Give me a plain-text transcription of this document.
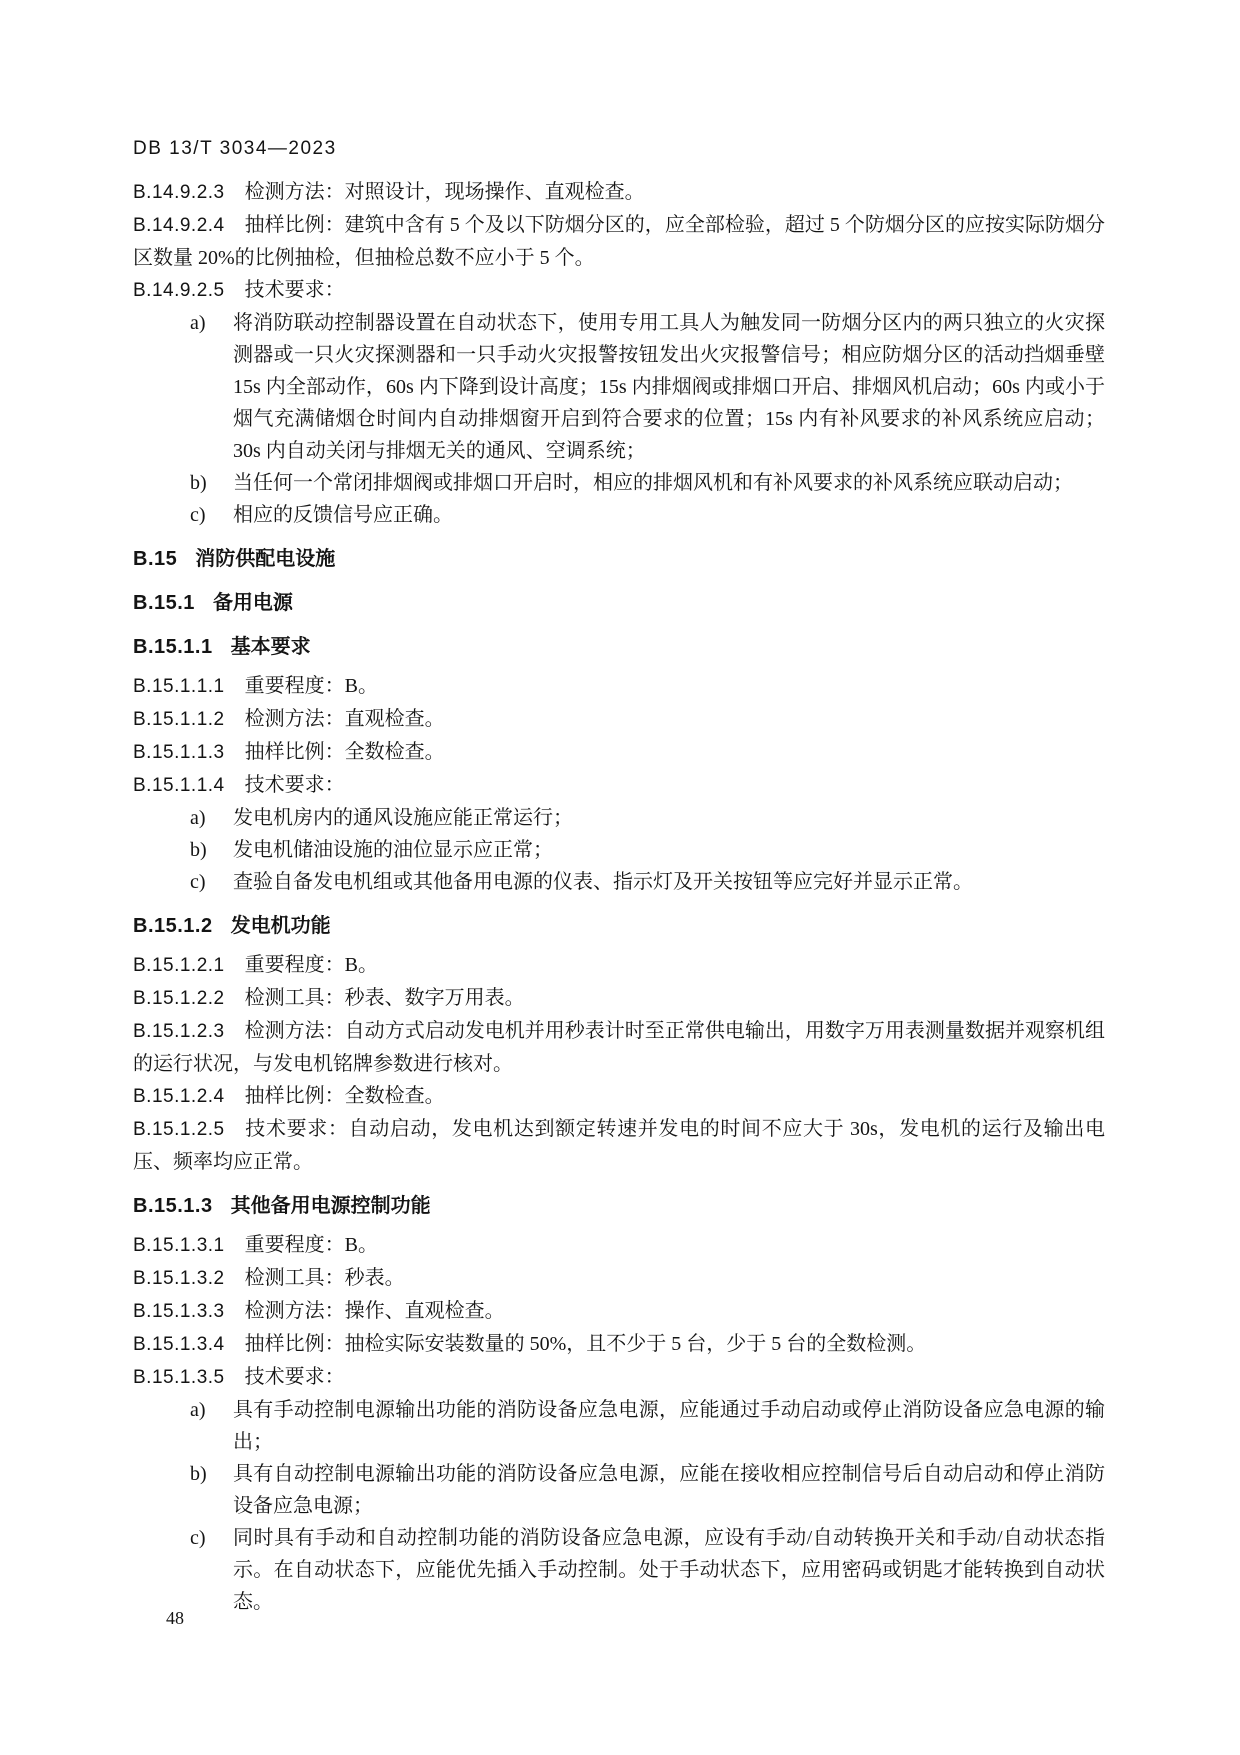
DB 13/T 3034—2023

B.14.9.2.3 检测方法：对照设计，现场操作、直观检查。

B.14.9.2.4 抽样比例：建筑中含有 5 个及以下防烟分区的，应全部检验，超过 5 个防烟分区的应按实际防烟分区数量 20%的比例抽检，但抽检总数不应小于 5 个。

B.14.9.2.5 技术要求：

a)	将消防联动控制器设置在自动状态下，使用专用工具人为触发同一防烟分区内的两只独立的火灾探测器或一只火灾探测器和一只手动火灾报警按钮发出火灾报警信号；相应防烟分区的活动挡烟垂壁 15s 内全部动作，60s 内下降到设计高度；15s 内排烟阀或排烟口开启、排烟风机启动；60s 内或小于烟气充满储烟仓时间内自动排烟窗开启到符合要求的位置；15s 内有补风要求的补风系统应启动；30s 内自动关闭与排烟无关的通风、空调系统；
b)	当任何一个常闭排烟阀或排烟口开启时，相应的排烟风机和有补风要求的补风系统应联动启动；
c)	相应的反馈信号应正确。
B.15 消防供配电设施
B.15.1 备用电源
B.15.1.1 基本要求

B.15.1.1.1 重要程度：B。

B.15.1.1.2 检测方法：直观检查。

B.15.1.1.3 抽样比例：全数检查。

B.15.1.1.4 技术要求：

a)	发电机房内的通风设施应能正常运行；
b)	发电机储油设施的油位显示应正常；
c)	查验自备发电机组或其他备用电源的仪表、指示灯及开关按钮等应完好并显示正常。
B.15.1.2 发电机功能

B.15.1.2.1 重要程度：B。

B.15.1.2.2 检测工具：秒表、数字万用表。

B.15.1.2.3 检测方法：自动方式启动发电机并用秒表计时至正常供电输出，用数字万用表测量数据并观察机组的运行状况，与发电机铭牌参数进行核对。

B.15.1.2.4 抽样比例：全数检查。

B.15.1.2.5 技术要求：自动启动，发电机达到额定转速并发电的时间不应大于 30s，发电机的运行及输出电压、频率均应正常。

B.15.1.3 其他备用电源控制功能

B.15.1.3.1 重要程度：B。

B.15.1.3.2 检测工具：秒表。

B.15.1.3.3 检测方法：操作、直观检查。

B.15.1.3.4 抽样比例：抽检实际安装数量的 50%，且不少于 5 台，少于 5 台的全数检测。

B.15.1.3.5 技术要求：

a)	具有手动控制电源输出功能的消防设备应急电源，应能通过手动启动或停止消防设备应急电源的输出；
b)	具有自动控制电源输出功能的消防设备应急电源，应能在接收相应控制信号后自动启动和停止消防设备应急电源；
c)	同时具有手动和自动控制功能的消防设备应急电源，应设有手动/自动转换开关和手动/自动状态指示。在自动状态下，应能优先插入手动控制。处于手动状态下，应用密码或钥匙才能转换到自动状态。
48
